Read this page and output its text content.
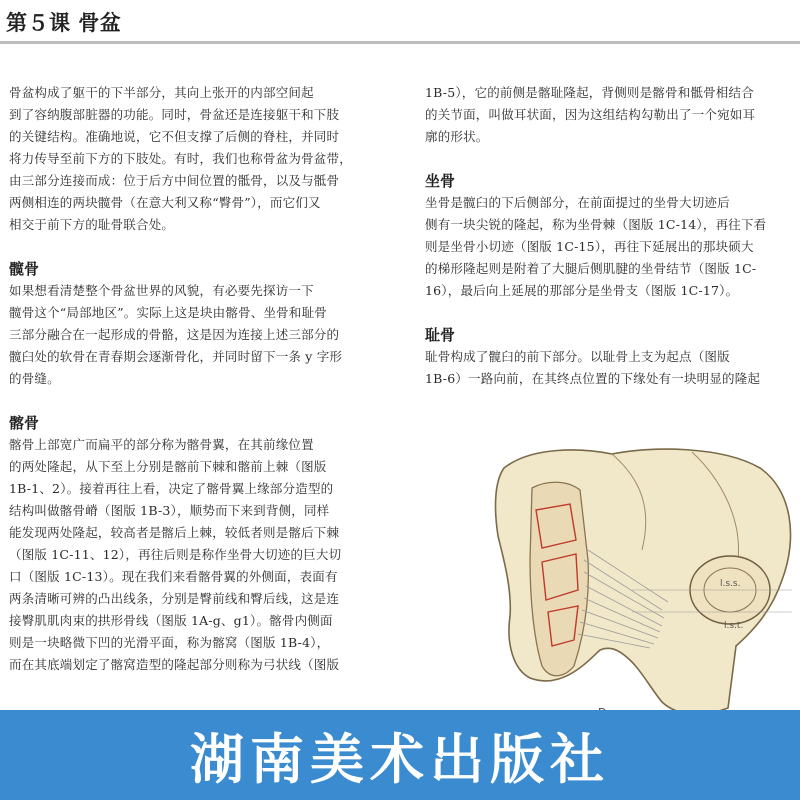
第５课 骨盆
骨盆构成了躯干的下半部分，其向上张开的内部空间起
到了容纳腹部脏器的功能。同时，骨盆还是连接躯干和下肢
的关键结构。准确地说，它不但支撑了后侧的脊柱，并同时
将力传导至前下方的下肢处。有时，我们也称骨盆为骨盆带，
由三部分连接而成：位于后方中间位置的骶骨，以及与骶骨
两侧相连的两块髋骨（在意大利又称“臀骨”），而它们又
相交于前下方的耻骨联合处。
髋骨
如果想看清楚整个骨盆世界的风貌，有必要先探访一下
髋骨这个“局部地区”。实际上这是块由髂骨、坐骨和耻骨
三部分融合在一起形成的骨骼，这是因为连接上述三部分的
髋臼处的软骨在青春期会逐渐骨化，并同时留下一条 y 字形
的骨缝。
髂骨
髂骨上部宽广而扁平的部分称为髂骨翼，在其前缘位置
的两处隆起，从下至上分别是髂前下棘和髂前上棘（图版
1B-1、2）。接着再往上看，决定了髂骨翼上缘部分造型的
结构叫做髂骨嵴（图版 1B-3），顺势而下来到背侧，同样
能发现两处隆起，较高者是髂后上棘，较低者则是髂后下棘
（图版 1C-11、12），再往后则是称作坐骨大切迹的巨大切
口（图版 1C-13）。现在我们来看髂骨翼的外侧面，表面有
两条清晰可辨的凸出线条，分别是臀前线和臀后线，这是连
接臀肌肌肉束的拱形骨线（图版 1A-g、g1）。髂骨内侧面
则是一块略微下凹的光滑平面，称为髂窝（图版 1B-4），
而在其底端划定了髂窝造型的隆起部分则称为弓状线（图版
1B-5），它的前侧是髂耻隆起，背侧则是髂骨和骶骨相结合
的关节面，叫做耳状面，因为这组结构勾勒出了一个宛如耳
廓的形状。
坐骨
坐骨是髋臼的下后侧部分，在前面提过的坐骨大切迹后
侧有一块尖锐的隆起，称为坐骨棘（图版 1C-14），再往下看
则是坐骨小切迹（图版 1C-15），再往下延展出的那块硕大
的梯形隆起则是附着了大腿后侧肌腱的坐骨结节（图版 1C-
16），最后向上延展的那部分是坐骨支（图版 1C-17）。
耻骨
耻骨构成了髋臼的前下部分。以耻骨上支为起点（图版
1B-6）一路向前，在其终点位置的下缘处有一块明显的隆起
l.s.s.
l.s.t.
湖南美术出版社
